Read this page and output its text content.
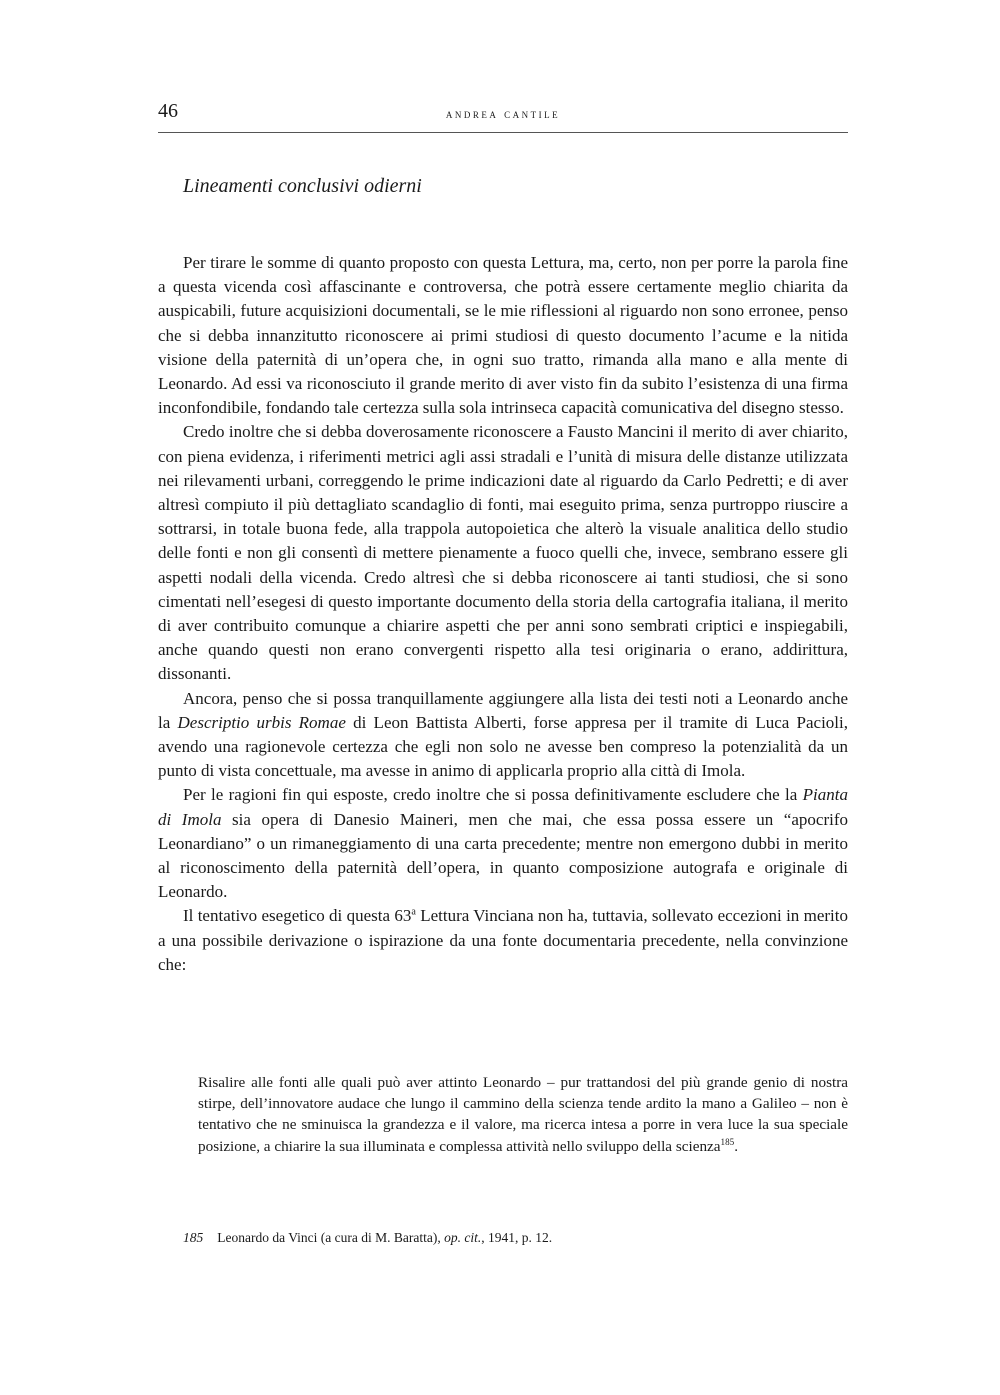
46	andrea cantile
Lineamenti conclusivi odierni

Per tirare le somme di quanto proposto con questa Lettura, ma, certo, non per porre la parola fine a questa vicenda così affascinante e controversa, che potrà essere certamente meglio chiarita da auspicabili, future acquisizioni documentali, se le mie riflessioni al riguardo non sono erronee, penso che si debba innanzitutto riconoscere ai primi studiosi di questo documento l’acume e la nitida visione della paternità di un’opera che, in ogni suo tratto, rimanda alla mano e alla mente di Leonardo. Ad essi va riconosciuto il grande merito di aver visto fin da subito l’esistenza di una firma inconfondibile, fondando tale certezza sulla sola intrinseca capacità comunicativa del disegno stesso.

Credo inoltre che si debba doverosamente riconoscere a Fausto Mancini il merito di aver chiarito, con piena evidenza, i riferimenti metrici agli assi stradali e l’unità di misura delle distanze utilizzata nei rilevamenti urbani, correggendo le prime indicazioni date al riguardo da Carlo Pedretti; e di aver altresì compiuto il più dettagliato scandaglio di fonti, mai eseguito prima, senza purtroppo riuscire a sottrarsi, in totale buona fede, alla trappola autopoietica che alterò la visuale analitica dello studio delle fonti e non gli consentì di mettere pienamente a fuoco quelli che, invece, sembrano essere gli aspetti nodali della vicenda. Credo altresì che si debba riconoscere ai tanti studiosi, che si sono cimentati nell’esegesi di questo importante documento della storia della cartografia italiana, il merito di aver contribuito comunque a chiarire aspetti che per anni sono sembrati criptici e inspiegabili, anche quando questi non erano convergenti rispetto alla tesi originaria o erano, addirittura, dissonanti.

Ancora, penso che si possa tranquillamente aggiungere alla lista dei testi noti a Leonardo anche la Descriptio urbis Romae di Leon Battista Alberti, forse appresa per il tramite di Luca Pacioli, avendo una ragionevole certezza che egli non solo ne avesse ben compreso la potenzialità da un punto di vista concettuale, ma avesse in animo di applicarla proprio alla città di Imola.

Per le ragioni fin qui esposte, credo inoltre che si possa definitivamente escludere che la Pianta di Imola sia opera di Danesio Maineri, men che mai, che essa possa essere un “apocrifo Leonardiano” o un rimaneggiamento di una carta precedente; mentre non emergono dubbi in merito al riconoscimento della paternità dell’opera, in quanto composizione autografa e originale di Leonardo.

Il tentativo esegetico di questa 63$^a$ Lettura Vinciana non ha, tuttavia, sollevato eccezioni in merito a una possibile derivazione o ispirazione da una fonte documentaria precedente, nella convinzione che:

Risalire alle fonti alle quali può aver attinto Leonardo – pur trattandosi del più grande genio di nostra stirpe, dell’innovatore audace che lungo il cammino della scienza tende ardito la mano a Galileo – non è tentativo che ne sminuisca la grandezza e il valore, ma ricerca intesa a porre in vera luce la sua speciale posizione, a chiarire la sua illuminata e complessa attività nello sviluppo della scienza$^{185}$.

185 Leonardo da Vinci (a cura di M. Baratta), op. cit., 1941, p. 12.
